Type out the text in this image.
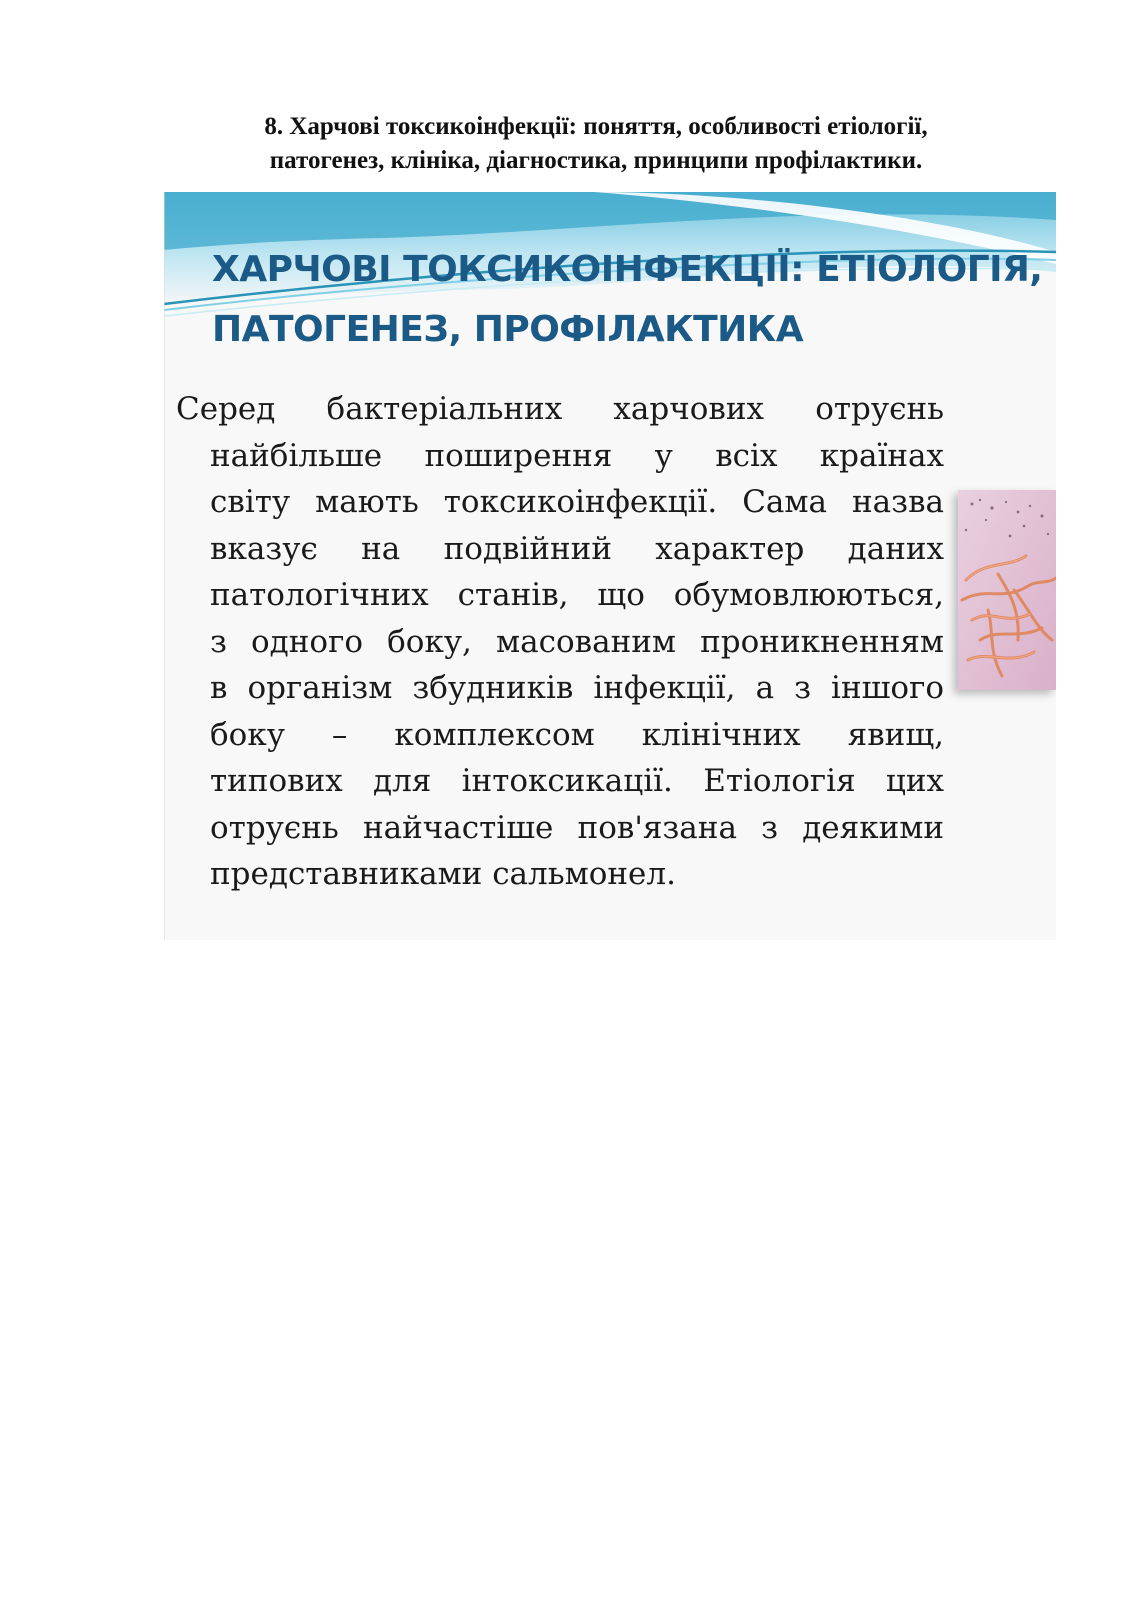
8. Харчові токсикоінфекції: поняття, особливості етіології,
патогенез, клініка, діагностика, принципи профілактики.
ХАРЧОВІ ТОКСИКОІНФЕКЦІЇ: ЕТІОЛОГІЯ,
ПАТОГЕНЕЗ, ПРОФІЛАКТИКА
Серед бактеріальних харчових отруєнь
найбільше поширення у всіх країнах
світу мають токсикоінфекції. Сама назва
вказує на подвійний характер даних
патологічних станів, що обумовлюються,
з одного боку, масованим проникненням
в організм збудників інфекції, а з іншого
боку – комплексом клінічних явищ,
типових для інтоксикації. Етіологія цих
отруєнь найчастіше пов'язана з деякими
представниками сальмонел.
